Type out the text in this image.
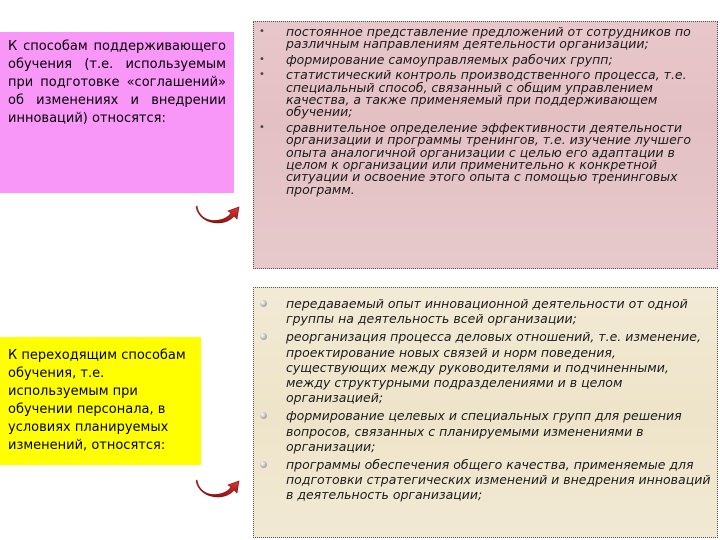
К способам поддерживающего обучения (т.е. используемым при подготовке «соглашений» об изменениях и внедрении инноваций) относятся:
• постоянное представление предложений от сотрудников по различным направлениям деятельности организации;
• формирование самоуправляемых рабочих групп;
• статистический контроль производственного процесса, т.е. специальный способ, связанный с общим управлением качества, а также применяемый при поддерживающем обучении;
• сравнительное определение эффективности деятельности организации и программы тренингов, т.е. изучение лучшего опыта аналогичной организации с целью его адаптации в целом к организации или применительно к конкретной ситуации и освоение этого опыта с помощью тренинговых программ.
К переходящим способам обучения, т.е. используемым при обучении персонала, в условиях планируемых изменений, относятся:
передаваемый опыт инновационной деятельности от одной группы на деятельность всей организации;
реорганизация процесса деловых отношений, т.е. изменение, проектирование новых связей и норм поведения, существующих между руководителями и подчиненными, между структурными подразделениями и в целом организацией;
формирование целевых и специальных групп для решения вопросов, связанных с планируемыми изменениями в организации;
программы обеспечения общего качества, применяемые для подготовки стратегических изменений и внедрения инноваций в деятельность организации;
